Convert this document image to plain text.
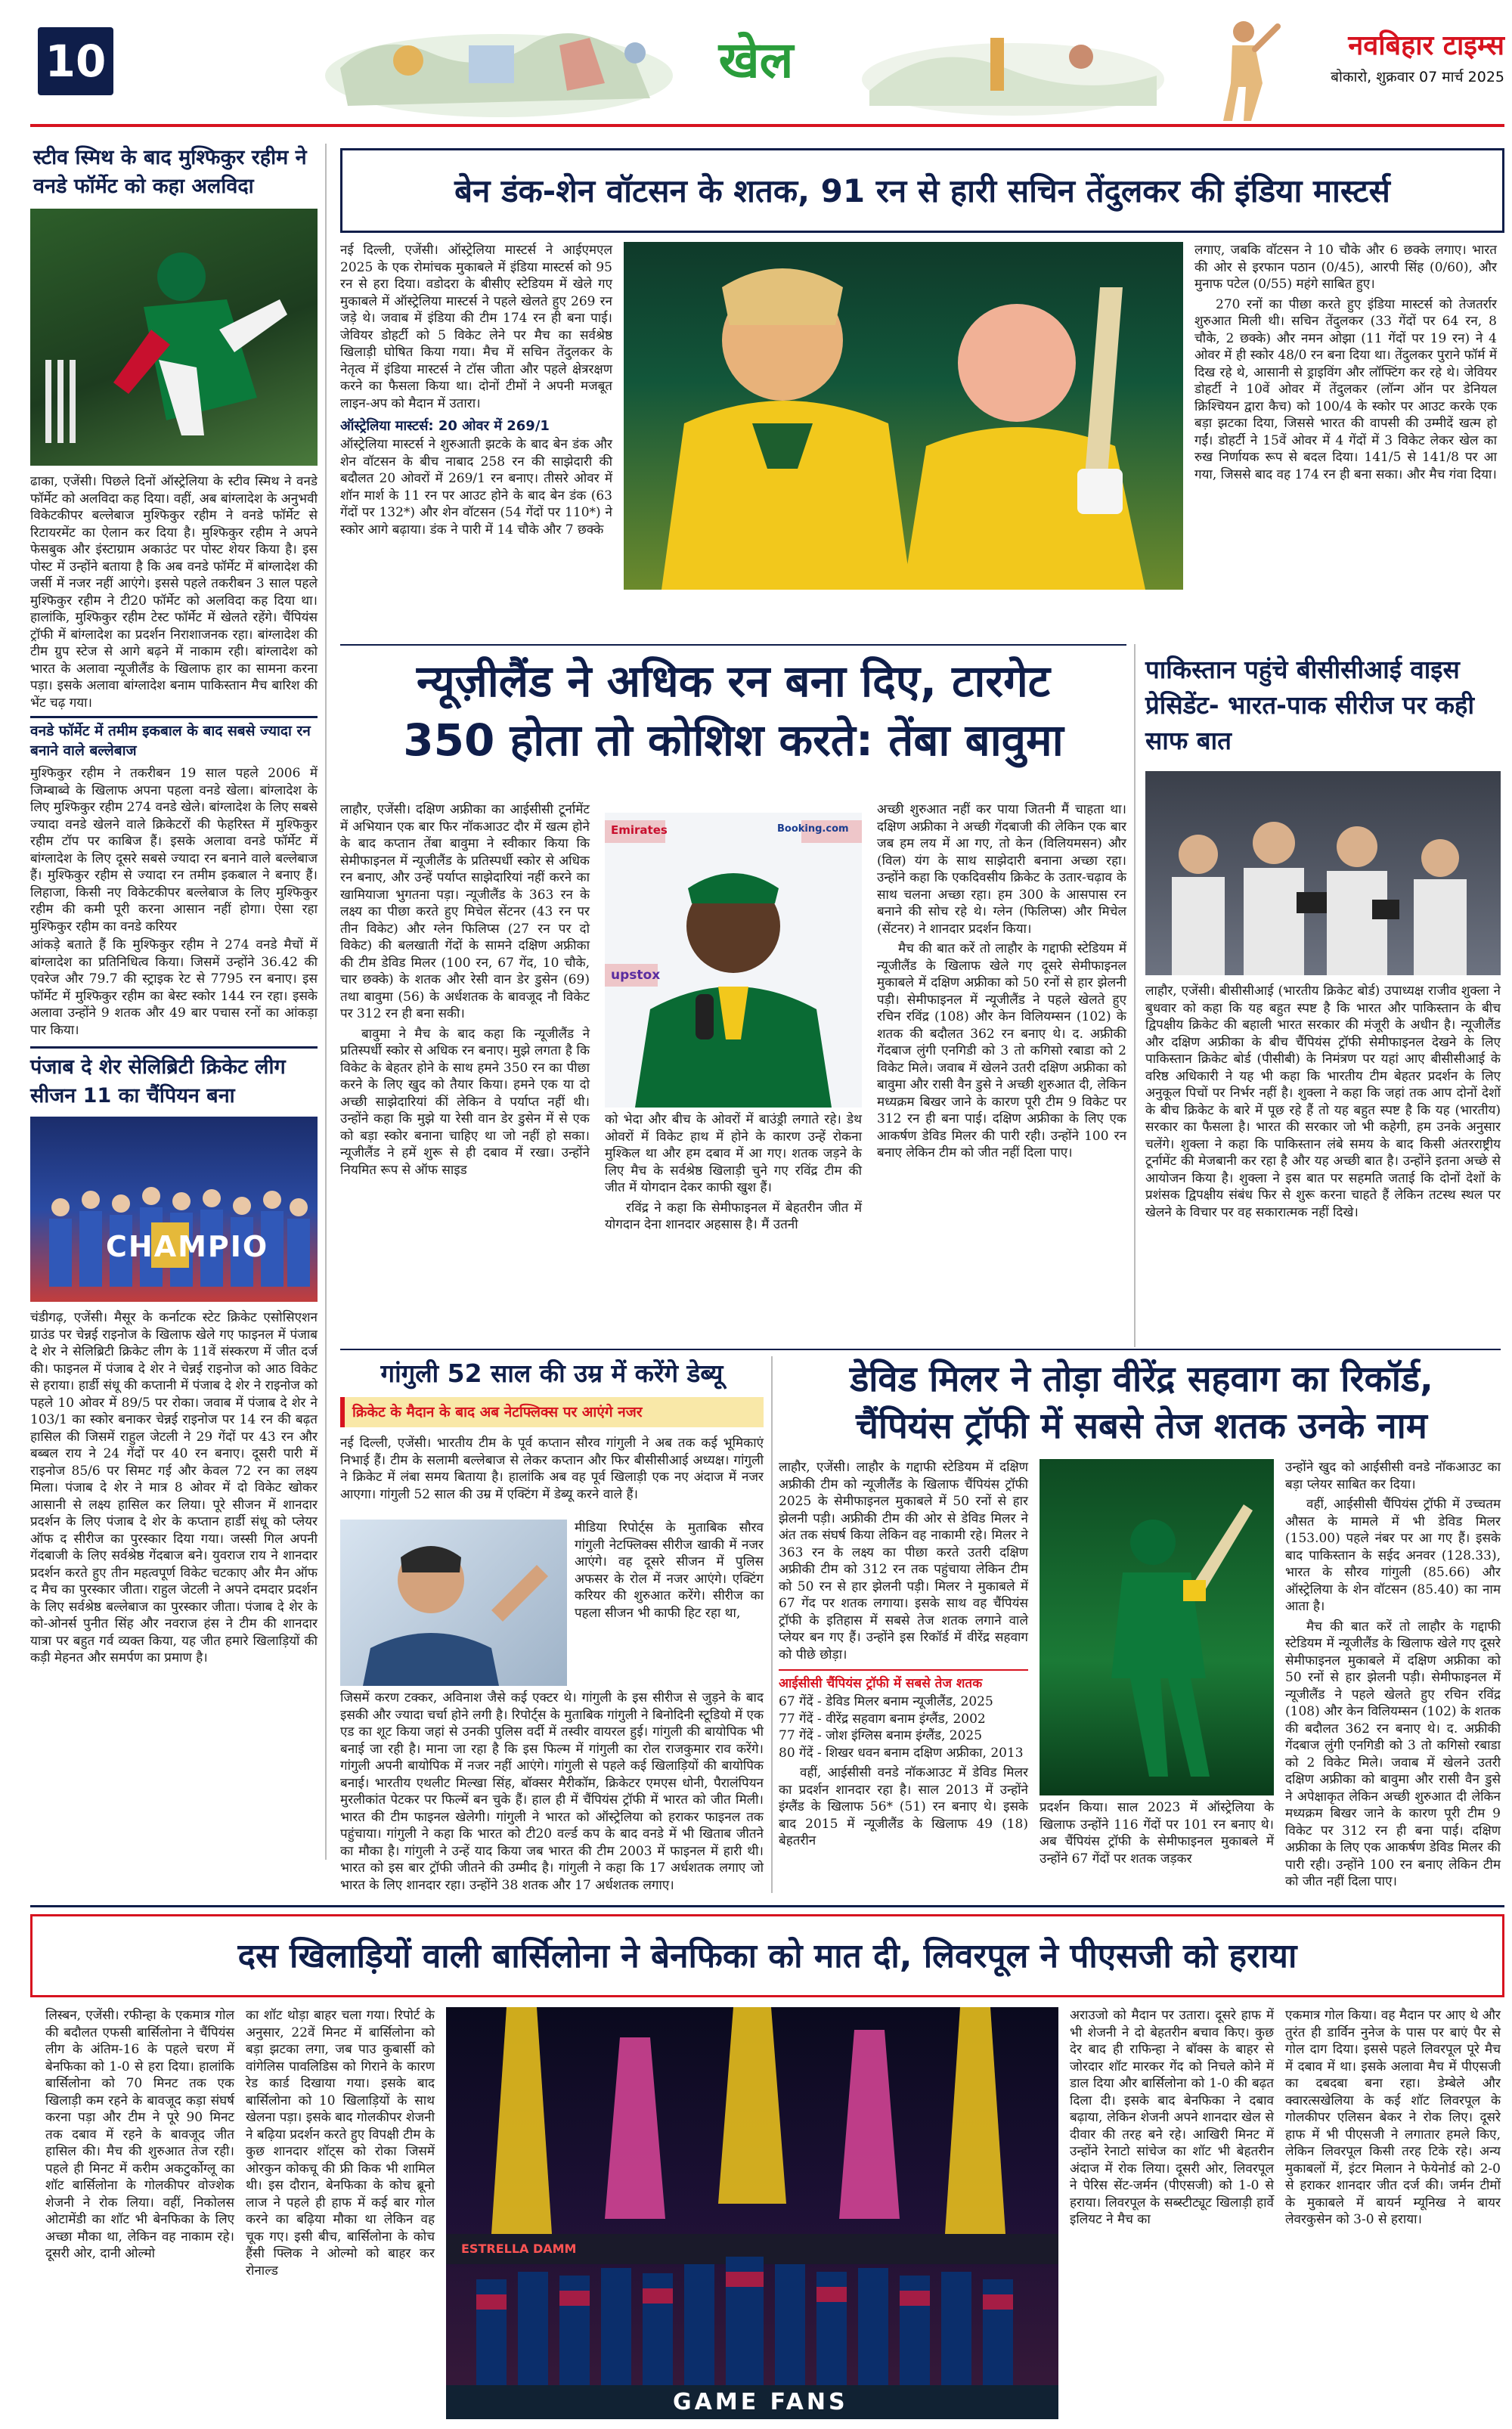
10	खेल	नवबिहार टाइम्स
बोकारो, शुक्रवार 07 मार्च 2025
स्टीव स्मिथ के बाद मुश्फिकुर रहीम ने वनडे फॉर्मेट को कहा अलविदा
ढाका, एजेंसी। पिछले दिनों ऑस्ट्रेलिया के स्टीव स्मिथ ने वनडे फॉर्मेट को अलविदा कह दिया। वहीं, अब बांग्लादेश के अनुभवी विकेटकीपर बल्लेबाज मुश्फिकुर रहीम ने वनडे फॉर्मेट से रिटायरमेंट का ऐलान कर दिया है। मुश्फिकुर रहीम ने अपने फेसबुक और इंस्टाग्राम अकाउंट पर पोस्ट शेयर किया है। इस पोस्ट में उन्होंने बताया है कि अब वनडे फॉर्मेट में बांग्लादेश की जर्सी में नजर नहीं आएंगे। इससे पहले तकरीबन 3 साल पहले मुश्फिकुर रहीम ने टी20 फॉर्मेट को अलविदा कह दिया था। हालांकि, मुश्फिकुर रहीम टेस्ट फॉर्मेट में खेलते रहेंगे। चैंपियंस ट्रॉफी में बांग्लादेश का प्रदर्शन निराशाजनक रहा। बांग्लादेश की टीम ग्रुप स्टेज से आगे बढ़ने में नाकाम रही। बांग्लादेश को भारत के अलावा न्यूजीलैंड के खिलाफ हार का सामना करना पड़ा। इसके अलावा बांग्लादेश बनाम पाकिस्तान मैच बारिश की भेंट चढ़ गया।
वनडे फॉर्मेट में तमीम इकबाल के बाद सबसे ज्यादा रन बनाने वाले बल्लेबाज
मुश्फिकुर रहीम ने तकरीबन 19 साल पहले 2006 में जिम्बाब्वे के खिलाफ अपना पहला वनडे खेला। बांग्लादेश के लिए मुश्फिकुर रहीम 274 वनडे खेले। बांग्लादेश के लिए सबसे ज्यादा वनडे खेलने वाले क्रिकेटरों की फेहरिस्त में मुश्फिकुर रहीम टॉप पर काबिज हैं। इसके अलावा वनडे फॉर्मेट में बांग्लादेश के लिए दूसरे सबसे ज्यादा रन बनाने वाले बल्लेबाज हैं। मुश्फिकुर रहीम से ज्यादा रन तमीम इकबाल ने बनाए हैं। लिहाजा, किसी नए विकेटकीपर बल्लेबाज के लिए मुश्फिकुर रहीम की कमी पूरी करना आसान नहीं होगा। ऐसा रहा मुश्फिकुर रहीम का वनडे करियर
आंकड़े बताते हैं कि मुश्फिकुर रहीम ने 274 वनडे मैचों में बांग्लादेश का प्रतिनिधित्व किया। जिसमें उन्होंने 36.42 की एवरेज और 79.7 की स्ट्राइक रेट से 7795 रन बनाए। इस फॉर्मेट में मुश्फिकुर रहीम का बेस्ट स्कोर 144 रन रहा। इसके अलावा उन्होंने 9 शतक और 49 बार पचास रनों का आंकड़ा पार किया।
पंजाब दे शेर सेलिब्रिटी क्रिकेट लीग सीजन 11 का चैंपियन बना
CHAMPIO
चंडीगढ़, एजेंसी। मैसूर के कर्नाटक स्टेट क्रिकेट एसोसिएशन ग्राउंड पर चेन्नई राइनोज के खिलाफ खेले गए फाइनल में पंजाब दे शेर ने सेलिब्रिटी क्रिकेट लीग के 11वें संस्करण में जीत दर्ज की। फाइनल में पंजाब दे शेर ने चेन्नई राइनोज को आठ विकेट से हराया। हार्डी संधू की कप्तानी में पंजाब दे शेर ने राइनोज को पहले 10 ओवर में 89/5 पर रोका। जवाब में पंजाब दे शेर ने 103/1 का स्कोर बनाकर चेन्नई राइनोज पर 14 रन की बढ़त हासिल की जिसमें राहुल जेटली ने 29 गेंदों पर 43 रन और बब्बल राय ने 24 गेंदों पर 40 रन बनाए। दूसरी पारी में राइनोज 85/6 पर सिमट गई और केवल 72 रन का लक्ष्य मिला। पंजाब दे शेर ने मात्र 8 ओवर में दो विकेट खोकर आसानी से लक्ष्य हासिल कर लिया। पूरे सीजन में शानदार प्रदर्शन के लिए पंजाब दे शेर के कप्तान हार्डी संधू को प्लेयर ऑफ द सीरीज का पुरस्कार दिया गया। जस्सी गिल अपनी गेंदबाजी के लिए सर्वश्रेष्ठ गेंदबाज बने। युवराज राय ने शानदार प्रदर्शन करते हुए तीन महत्वपूर्ण विकेट चटकाए और मैन ऑफ द मैच का पुरस्कार जीता। राहुल जेटली ने अपने दमदार प्रदर्शन के लिए सर्वश्रेष्ठ बल्लेबाज का पुरस्कार जीता। पंजाब दे शेर के को-ओनर्स पुनीत सिंह और नवराज हंस ने टीम की शानदार यात्रा पर बहुत गर्व व्यक्त किया, यह जीत हमारे खिलाड़ियों की कड़ी मेहनत और समर्पण का प्रमाण है।
बेन डंक-शेन वॉटसन के शतक, 91 रन से हारी सचिन तेंदुलकर की इंडिया मास्टर्स
नई दिल्ली, एजेंसी। ऑस्ट्रेलिया मास्टर्स ने आईएमएल 2025 के एक रोमांचक मुकाबले में इंडिया मास्टर्स को 95 रन से हरा दिया। वडोदरा के बीसीए स्टेडियम में खेले गए मुकाबले में ऑस्ट्रेलिया मास्टर्स ने पहले खेलते हुए 269 रन जड़े थे। जवाब में इंडिया की टीम 174 रन ही बना पाई। जेवियर डोहर्टी को 5 विकेट लेने पर मैच का सर्वश्रेष्ठ खिलाड़ी घोषित किया गया। मैच में सचिन तेंदुलकर के नेतृत्व में इंडिया मास्टर्स ने टॉस जीता और पहले क्षेत्ररक्षण करने का फैसला किया था। दोनों टीमों ने अपनी मजबूत लाइन-अप को मैदान में उतारा।
ऑस्ट्रेलिया मास्टर्स: 20 ओवर में 269/1
ऑस्ट्रेलिया मास्टर्स ने शुरुआती झटके के बाद बेन डंक और शेन वॉटसन के बीच नाबाद 258 रन की साझेदारी की बदौलत 20 ओवरों में 269/1 रन बनाए। तीसरे ओवर में शॉन मार्श के 11 रन पर आउट होने के बाद बेन डंक (63 गेंदों पर 132*) और शेन वॉटसन (54 गेंदों पर 110*) ने स्कोर आगे बढ़ाया। डंक ने पारी में 14 चौके और 7 छक्के
लगाए, जबकि वॉटसन ने 10 चौके और 6 छक्के लगाए। भारत की ओर से इरफान पठान (0/45), आरपी सिंह (0/60), और मुनाफ पटेल (0/55) महंगे साबित हुए।
270 रनों का पीछा करते हुए इंडिया मास्टर्स को तेजतर्रार शुरुआत मिली थी। सचिन तेंदुलकर (33 गेंदों पर 64 रन, 8 चौके, 2 छक्के) और नमन ओझा (11 गेंदों पर 19 रन) ने 4 ओवर में ही स्कोर 48/0 रन बना दिया था। तेंदुलकर पुराने फॉर्म में दिख रहे थे, आसानी से ड्राइविंग और लॉफ्टिंग कर रहे थे। जेवियर डोहर्टी ने 10वें ओवर में तेंदुलकर (लॉन्ग ऑन पर डेनियल क्रिश्चियन द्वारा कैच) को 100/4 के स्कोर पर आउट करके एक बड़ा झटका दिया, जिससे भारत की वापसी की उम्मीदें खत्म हो गईं। डोहर्टी ने 15वें ओवर में 4 गेंदों में 3 विकेट लेकर खेल का रुख निर्णायक रूप से बदल दिया। 141/5 से 141/8 पर आ गया, जिससे बाद वह 174 रन ही बना सका। और मैच गंवा दिया।
न्यूज़ीलैंड ने अधिक रन बना दिए, टारगेट
350 होता तो कोशिश करते: तेंबा बावुमा
लाहौर, एजेंसी। दक्षिण अफ्रीका का आईसीसी टूर्नामेंट में अभियान एक बार फिर नॉकआउट दौर में खत्म होने के बाद कप्तान तेंबा बावुमा ने स्वीकार किया कि सेमीफाइनल में न्यूजीलैंड के प्रतिस्पर्धी स्कोर से अधिक रन बनाए, और उन्हें पर्याप्त साझेदारियां नहीं करने का खामियाजा भुगतना पड़ा। न्यूजीलैंड के 363 रन के लक्ष्य का पीछा करते हुए मिचेल सेंटनर (43 रन पर तीन विकेट) और ग्लेन फिलिप्स (27 रन पर दो विकेट) की बलखाती गेंदों के सामने दक्षिण अफ्रीका की टीम डेविड मिलर (100 रन, 67 गेंद, 10 चौके, चार छक्के) के शतक और रेसी वान डेर डुसेन (69) तथा बावुमा (56) के अर्धशतक के बावजूद नौ विकेट पर 312 रन ही बना सकी।
बावुमा ने मैच के बाद कहा कि न्यूजीलैंड ने प्रतिस्पर्धी स्कोर से अधिक रन बनाए। मुझे लगता है कि विकेट के बेहतर होने के साथ हमने 350 रन का पीछा करने के लिए खुद को तैयार किया। हमने एक या दो अच्छी साझेदारियां कीं लेकिन वे पर्याप्त नहीं थी। उन्होंने कहा कि मुझे या रेसी वान डेर डुसेन में से एक को बड़ा स्कोर बनाना चाहिए था जो नहीं हो सका। न्यूजीलैंड ने हमें शुरू से ही दबाव में रखा। उन्होंने नियमित रूप से ऑफ साइड
Emirates
upstox
Booking.com
को भेदा और बीच के ओवरों में बाउंड्री लगाते रहे। डेथ ओवरों में विकेट हाथ में होने के कारण उन्हें रोकना मुश्किल था और हम दबाव में आ गए। शतक जड़ने के लिए मैच के सर्वश्रेष्ठ खिलाड़ी चुने गए रविंद्र टीम की जीत में योगदान देकर काफी खुश हैं।
रविंद्र ने कहा कि सेमीफाइनल में बेहतरीन जीत में योगदान देना शानदार अहसास है। मैं उतनी
अच्छी शुरुआत नहीं कर पाया जितनी मैं चाहता था। दक्षिण अफ्रीका ने अच्छी गेंदबाजी की लेकिन एक बार जब हम लय में आ गए, तो केन (विलियमसन) और (विल) यंग के साथ साझेदारी बनाना अच्छा रहा। उन्होंने कहा कि एकदिवसीय क्रिकेट के उतार-चढ़ाव के साथ चलना अच्छा रहा। हम 300 के आसपास रन बनाने की सोच रहे थे। ग्लेन (फिलिप्स) और मिचेल (सेंटनर) ने शानदार प्रदर्शन किया।
मैच की बात करें तो लाहौर के गद्दाफी स्टेडियम में न्यूजीलैंड के खिलाफ खेले गए दूसरे सेमीफाइनल मुकाबले में दक्षिण अफ्रीका को 50 रनों से हार झेलनी पड़ी। सेमीफाइनल में न्यूजीलैंड ने पहले खेलते हुए रचिन रविंद्र (108) और केन विलियम्सन (102) के शतक की बदौलत 362 रन बनाए थे। द. अफ्रीकी गेंदबाज लुंगी एनगिडी को 3 तो कगिसो रबाडा को 2 विकेट मिले। जवाब में खेलने उतरी दक्षिण अफ्रीका को बावुमा और रासी वैन डुसे ने अच्छी शुरुआत दी, लेकिन मध्यक्रम बिखर जाने के कारण पूरी टीम 9 विकेट पर 312 रन ही बना पाई। दक्षिण अफ्रीका के लिए एक आकर्षण डेविड मिलर की पारी रही। उन्होंने 100 रन बनाए लेकिन टीम को जीत नहीं दिला पाए।
पाकिस्तान पहुंचे बीसीसीआई वाइस प्रेसिडेंट- भारत-पाक सीरीज पर कही साफ बात
लाहौर, एजेंसी। बीसीसीआई (भारतीय क्रिकेट बोर्ड) उपाध्यक्ष राजीव शुक्ला ने बुधवार को कहा कि यह बहुत स्पष्ट है कि भारत और पाकिस्तान के बीच द्विपक्षीय क्रिकेट की बहाली भारत सरकार की मंजूरी के अधीन है। न्यूजीलैंड और दक्षिण अफ्रीका के बीच चैंपियंस ट्रॉफी सेमीफाइनल देखने के लिए पाकिस्तान क्रिकेट बोर्ड (पीसीबी) के निमंत्रण पर यहां आए बीसीसीआई के वरिष्ठ अधिकारी ने यह भी कहा कि भारतीय टीम बेहतर प्रदर्शन के लिए अनुकूल पिचों पर निर्भर नहीं है। शुक्ला ने कहा कि जहां तक आप दोनों देशों के बीच क्रिकेट के बारे में पूछ रहे हैं तो यह बहुत स्पष्ट है कि यह (भारतीय) सरकार का फैसला है। भारत की सरकार जो भी कहेगी, हम उनके अनुसार चलेंगे। शुक्ला ने कहा कि पाकिस्तान लंबे समय के बाद किसी अंतरराष्ट्रीय टूर्नामेंट की मेजबानी कर रहा है और यह अच्छी बात है। उन्होंने इतना अच्छे से आयोजन किया है। शुक्ला ने इस बात पर सहमति जताई कि दोनों देशों के प्रशंसक द्विपक्षीय संबंध फिर से शुरू करना चाहते हैं लेकिन तटस्थ स्थल पर खेलने के विचार पर वह सकारात्मक नहीं दिखे।
गांगुली 52 साल की उम्र में करेंगे डेब्यू
क्रिकेट के मैदान के बाद अब नेटफ्लिक्स पर आएंगे नजर
नई दिल्ली, एजेंसी। भारतीय टीम के पूर्व कप्तान सौरव गांगुली ने अब तक कई भूमिकाएं निभाई हैं। टीम के सलामी बल्लेबाज से लेकर कप्तान और फिर बीसीसीआई अध्यक्ष। गांगुली ने क्रिकेट में लंबा समय बिताया है। हालांकि अब वह पूर्व खिलाड़ी एक नए अंदाज में नजर आएगा। गांगुली 52 साल की उम्र में एक्टिंग में डेब्यू करने वाले हैं।
मीडिया रिपोर्ट्स के मुताबिक सौरव गांगुली नेटफ्लिक्स सीरीज खाकी में नजर आएंगे। वह दूसरे सीजन में पुलिस अफसर के रोल में नजर आएंगे। एक्टिंग करियर की शुरुआत करेंगे। सीरीज का पहला सीजन भी काफी हिट रहा था,
जिसमें करण टक्कर, अविनाश जैसे कई एक्टर थे। गांगुली के इस सीरीज से जुड़ने के बाद इसकी और ज्यादा चर्चा होने लगी है। रिपोर्ट्स के मुताबिक गांगुली ने बिनोदिनी स्टूडियो में एक एड का शूट किया जहां से उनकी पुलिस वर्दी में तस्वीर वायरल हुई। गांगुली की बायोपिक भी बनाई जा रही है। माना जा रहा है कि इस फिल्म में गांगुली का रोल राजकुमार राव करेंगे। गांगुली अपनी बायोपिक में नजर नहीं आएंगे। गांगुली से पहले कई खिलाड़ियों की बायोपिक बनाई। भारतीय एथलीट मिल्खा सिंह, बॉक्सर मैरीकॉम, क्रिकेटर एमएस धोनी, पैरालंपियन मुरलीकांत पेटकर पर फिल्में बन चुके हैं। हाल ही में चैंपियंस ट्रॉफी में भारत को जीत मिली। भारत की टीम फाइनल खेलेगी। गांगुली ने भारत को ऑस्ट्रेलिया को हराकर फाइनल तक पहुंचाया। गांगुली ने कहा कि भारत को टी20 वर्ल्ड कप के बाद वनडे में भी खिताब जीतने का मौका है। गांगुली ने उन्हें याद किया जब भारत की टीम 2003 में फाइनल में हारी थी। भारत को इस बार ट्रॉफी जीतने की उम्मीद है। गांगुली ने कहा कि 17 अर्धशतक लगाए जो भारत के लिए शानदार रहा। उन्होंने 38 शतक और 17 अर्धशतक लगाए।
डेविड मिलर ने तोड़ा वीरेंद्र सहवाग का रिकॉर्ड,
चैंपियंस ट्रॉफी में सबसे तेज शतक उनके नाम
लाहौर, एजेंसी। लाहौर के गद्दाफी स्टेडियम में दक्षिण अफ्रीकी टीम को न्यूजीलैंड के खिलाफ चैंपियंस ट्रॉफी 2025 के सेमीफाइनल मुकाबले में 50 रनों से हार झेलनी पड़ी। अफ्रीकी टीम की ओर से डेविड मिलर ने अंत तक संघर्ष किया लेकिन वह नाकामी रहे। मिलर ने 363 रन के लक्ष्य का पीछा करते उतरी दक्षिण अफ्रीकी टीम को 312 रन तक पहुंचाया लेकिन टीम को 50 रन से हार झेलनी पड़ी। मिलर ने मुकाबले में 67 गेंद पर शतक लगाया। इसके साथ वह चैंपियंस ट्रॉफी के इतिहास में सबसे तेज शतक लगाने वाले प्लेयर बन गए हैं। उन्होंने इस रिकॉर्ड में वीरेंद्र सहवाग को पीछे छोड़ा।
आईसीसी चैंपियंस ट्रॉफी में सबसे तेज शतक
67 गेंदें - डेविड मिलर बनाम न्यूजीलैंड, 2025
77 गेंदें - वीरेंद्र सहवाग बनाम इंग्लैंड, 2002
77 गेंदें - जोश इंग्लिस बनाम इंग्लैंड, 2025
80 गेंदें - शिखर धवन बनाम दक्षिण अफ्रीका, 2013
वहीं, आईसीसी वनडे नॉकआउट में डेविड मिलर का प्रदर्शन शानदार रहा है। साल 2013 में उन्होंने इंग्लैंड के खिलाफ 56* (51) रन बनाए थे। इसके बाद 2015 में न्यूजीलैंड के खिलाफ 49 (18) बेहतरीन
प्रदर्शन किया। साल 2023 में ऑस्ट्रेलिया के खिलाफ उन्होंने 116 गेंदों पर 101 रन बनाए थे। अब चैंपियंस ट्रॉफी के सेमीफाइनल मुकाबले में उन्होंने 67 गेंदों पर शतक जड़कर
उन्होंने खुद को आईसीसी वनडे नॉकआउट का बड़ा प्लेयर साबित कर दिया।
वहीं, आईसीसी चैंपियंस ट्रॉफी में उच्चतम औसत के मामले में भी डेविड मिलर (153.00) पहले नंबर पर आ गए हैं। इसके बाद पाकिस्तान के सईद अनवर (128.33), भारत के सौरव गांगुली (85.66) और ऑस्ट्रेलिया के शेन वॉटसन (85.40) का नाम आता है।
मैच की बात करें तो लाहौर के गद्दाफी स्टेडियम में न्यूजीलैंड के खिलाफ खेले गए दूसरे सेमीफाइनल मुकाबले में दक्षिण अफ्रीका को 50 रनों से हार झेलनी पड़ी। सेमीफाइनल में न्यूजीलैंड ने पहले खेलते हुए रचिन रविंद्र (108) और केन विलियम्सन (102) के शतक की बदौलत 362 रन बनाए थे। द. अफ्रीकी गेंदबाज लुंगी एनगिडी को 3 तो कगिसो रबाडा को 2 विकेट मिले। जवाब में खेलने उतरी दक्षिण अफ्रीका को बावुमा और रासी वैन डुसे ने अपेक्षाकृत लेकिन अच्छी शुरुआत दी लेकिन मध्यक्रम बिखर जाने के कारण पूरी टीम 9 विकेट पर 312 रन ही बना पाई। दक्षिण अफ्रीका के लिए एक आकर्षण डेविड मिलर की पारी रही। उन्होंने 100 रन बनाए लेकिन टीम को जीत नहीं दिला पाए।
दस खिलाड़ियों वाली बार्सिलोना ने बेनफिका को मात दी, लिवरपूल ने पीएसजी को हराया
लिस्बन, एजेंसी। रफीन्हा के एकमात्र गोल की बदौलत एफसी बार्सिलोना ने चैंपियंस लीग के अंतिम-16 के पहले चरण में बेनफिका को 1-0 से हरा दिया। हालांकि बार्सिलोना को 70 मिनट तक एक खिलाड़ी कम रहने के बावजूद कड़ा संघर्ष करना पड़ा और टीम ने पूरे 90 मिनट तक दबाव में रहने के बावजूद जीत हासिल की। मैच की शुरुआत तेज रही। पहले ही मिनट में करीम अकटुर्कोग्लू का शॉट बार्सिलोना के गोलकीपर वोज्शेक शेजनी ने रोक लिया। वहीं, निकोलस ओटामेंडी का शॉट भी बेनफिका के लिए अच्छा मौका था, लेकिन वह नाकाम रहे। दूसरी ओर, दानी ओल्मो
का शॉट थोड़ा बाहर चला गया। रिपोर्ट के अनुसार, 22वें मिनट में बार्सिलोना को बड़ा झटका लगा, जब पाउ कुबार्सी को वांगेलिस पावलिडिस को गिराने के कारण रेड कार्ड दिखाया गया। इसके बाद बार्सिलोना को 10 खिलाड़ियों के साथ खेलना पड़ा। इसके बाद गोलकीपर शेजनी ने बढ़िया प्रदर्शन करते हुए विपक्षी टीम के कुछ शानदार शॉट्स को रोका जिसमें ओरकुन कोकचू की फ्री किक भी शामिल थी। इस दौरान, बेनफिका के कोच ब्रूनो लाज ने पहले ही हाफ में कई बार गोल करने का बढ़िया मौका था लेकिन वह चूक गए। इसी बीच, बार्सिलोना के कोच हैंसी फ्लिक ने ओल्मो को बाहर कर रोनाल्ड
ESTRELLA DAMM
GAME FANS
अराउजो को मैदान पर उतारा। दूसरे हाफ में भी शेजनी ने दो बेहतरीन बचाव किए। कुछ देर बाद ही राफिन्हा ने बॉक्स के बाहर से जोरदार शॉट मारकर गेंद को निचले कोने में डाल दिया और बार्सिलोना को 1-0 की बढ़त दिला दी। इसके बाद बेनफिका ने दबाव बढ़ाया, लेकिन शेजनी अपने शानदार खेल से दीवार की तरह बने रहे। आखिरी मिनट में उन्होंने रेनाटो सांचेज का शॉट भी बेहतरीन अंदाज में रोक लिया। दूसरी ओर, लिवरपूल ने पेरिस सेंट-जर्मन (पीएसजी) को 1-0 से हराया। लिवरपूल के सब्स्टीट्यूट खिलाड़ी हार्वे इलियट ने मैच का
एकमात्र गोल किया। वह मैदान पर आए थे और तुरंत ही डार्विन नुनेज के पास पर बाएं पैर से गोल दाग दिया। इससे पहले लिवरपूल पूरे मैच में दबाव में था। इसके अलावा मैच में पीएसजी का दबदबा बना रहा। डेम्बेले और क्वारत्सखेलिया के कई शॉट लिवरपूल के गोलकीपर एलिसन बेकर ने रोक लिए। दूसरे हाफ में भी पीएसजी ने लगातार हमले किए, लेकिन लिवरपूल किसी तरह टिके रहे। अन्य मुकाबलों में, इंटर मिलान ने फेयेनोर्ड को 2-0 से हराकर शानदार जीत दर्ज की। जर्मन टीमों के मुकाबले में बायर्न म्यूनिख ने बायर लेवरकुसेन को 3-0 से हराया।
